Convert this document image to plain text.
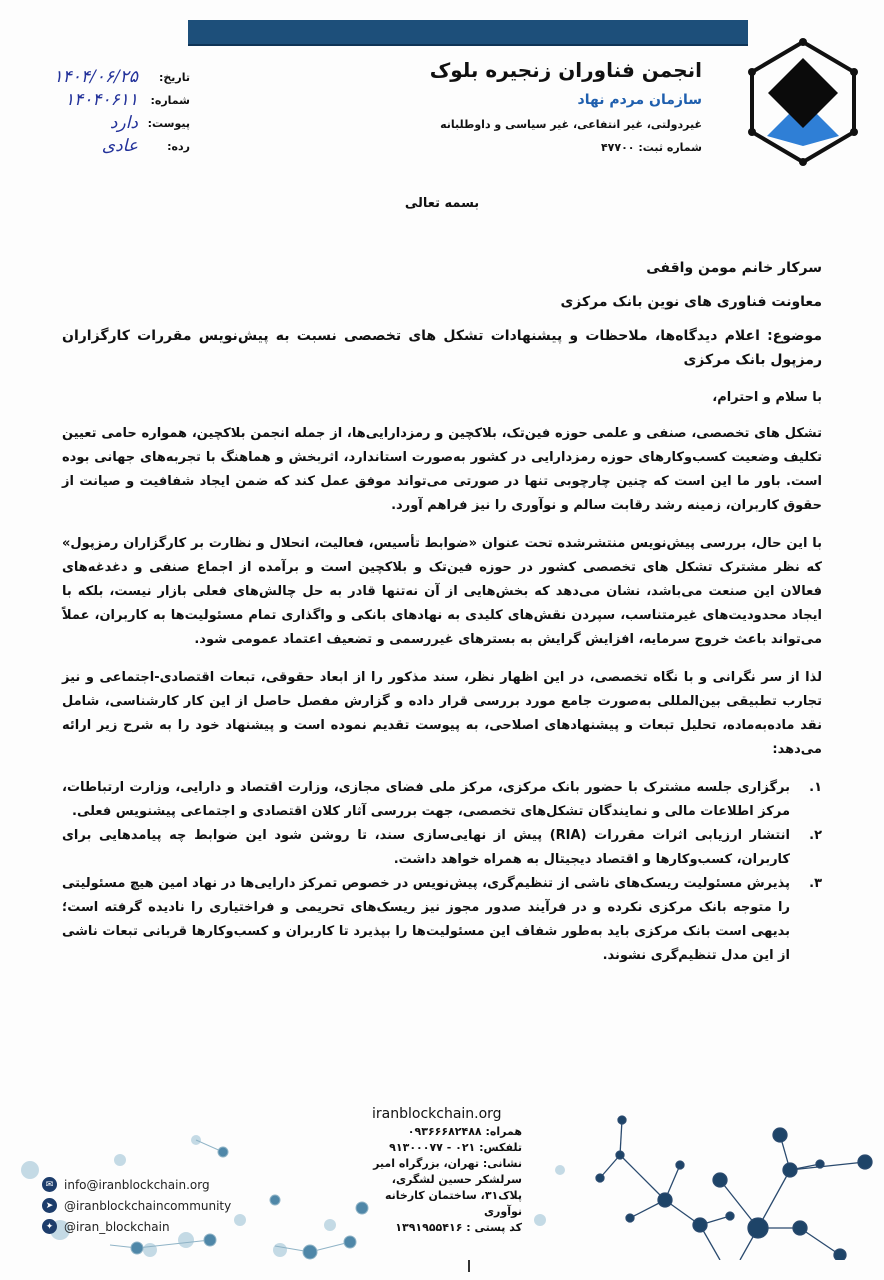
انجمن فناوران زنجیره بلوک
سازمان مردم نهاد
غیردولتی، غیر انتفاعی، غیر سیاسی و داوطلبانه
شماره ثبت: ۴۷۷۰۰
تاریخ:
۱۴۰۴/۰۶/۲۵
شماره:
۱۴۰۴۰۶۱۱
پیوست:
دارد
رده:
عادی
بسمه تعالی

سرکار خانم مومن واقفی

معاونت فناوری های نوین بانک مرکزی

موضوع: اعلام دیدگاه‌ها، ملاحظات و پیشنهادات تشکل های تخصصی نسبت به پیش‌نویس مقررات کارگزاران رمزپول بانک مرکزی

با سلام و احترام،

تشکل های تخصصی، صنفی و علمی حوزه فین‌تک، بلاکچین و رمزدارایی‌ها، از جمله انجمن بلاکچین، همواره حامی تعیین تکلیف وضعیت کسب‌وکارهای حوزه رمزدارایی در کشور به‌صورت استاندارد، اثربخش و هماهنگ با تجربه‌های جهانی بوده است. باور ما این است که چنین چارچوبی تنها در صورتی می‌تواند موفق عمل کند که ضمن ایجاد شفافیت و صیانت از حقوق کاربران، زمینه رشد رقابت سالم و نوآوری را نیز فراهم آورد.

با این حال، بررسی پیش‌نویس منتشرشده تحت عنوان «ضوابط تأسیس، فعالیت، انحلال و نظارت بر کارگزاران رمزپول» که نظر مشترک تشکل های تخصصی کشور در حوزه فین‌تک و بلاکچین است و برآمده از اجماع صنفی و دغدغه‌های فعالان این صنعت می‌باشد، نشان می‌دهد که بخش‌هایی از آن نه‌تنها قادر به حل چالش‌های فعلی بازار نیست، بلکه با ایجاد محدودیت‌های غیرمتناسب، سپردن نقش‌های کلیدی به نهادهای بانکی و واگذاری تمام مسئولیت‌ها به کاربران، عملاً می‌تواند باعث خروج سرمایه، افزایش گرایش به بسترهای غیررسمی و تضعیف اعتماد عمومی شود.

لذا از سر نگرانی و با نگاه تخصصی، در این اظهار نظر، سند مذکور را از ابعاد حقوقی، تبعات اقتصادی-اجتماعی و نیز تجارب تطبیقی بین‌المللی به‌صورت جامع مورد بررسی قرار داده و گزارش مفصل حاصل از این کار کارشناسی، شامل نقد ماده‌به‌ماده، تحلیل تبعات و پیشنهادهای اصلاحی، به پیوست تقدیم نموده است و پیشنهاد خود را به شرح زیر ارائه می‌دهد:

۱.
برگزاری جلسه مشترک با حضور بانک مرکزی، مرکز ملی فضای مجازی، وزارت اقتصاد و دارایی، وزارت ارتباطات، مرکز اطلاعات مالی و نمایندگان تشکل‌های تخصصی، جهت بررسی آثار کلان اقتصادی و اجتماعی پیشنویس فعلی.
۲.
انتشار ارزیابی اثرات مقررات (RIA) پیش از نهایی‌سازی سند، تا روشن شود این ضوابط چه پیامدهایی برای کاربران، کسب‌وکارها و اقتصاد دیجیتال به همراه خواهد داشت.
۳.
پذیرش مسئولیت ریسک‌های ناشی از تنظیم‌گری، پیش‌نویس در خصوص تمرکز دارایی‌ها در نهاد امین هیچ مسئولیتی را متوجه بانک مرکزی نکرده و در فرآیند صدور مجوز نیز ریسک‌های تحریمی و فراختیاری را نادیده گرفته است؛ بدیهی است بانک مرکزی باید به‌طور شفاف این مسئولیت‌ها را بپذیرد تا کاربران و کسب‌وکارها قربانی تبعات ناشی از این مدل تنظیم‌گری نشوند.
iranblockchain.org
همراه: ۰۹۳۶۶۶۸۲۴۸۸
تلفکس: ۰۲۱ - ۹۱۳۰۰۰۷۷
نشانی: تهران، بزرگراه امیر سرلشکر حسین لشگری، پلاک۳۱، ساختمان کارخانه نوآوری
کد پستی : ۱۳۹۱۹۵۵۴۱۶
✉ info@iranblockchain.org
➤ @iranblockchaincommunity
✦ @iran_blockchain
